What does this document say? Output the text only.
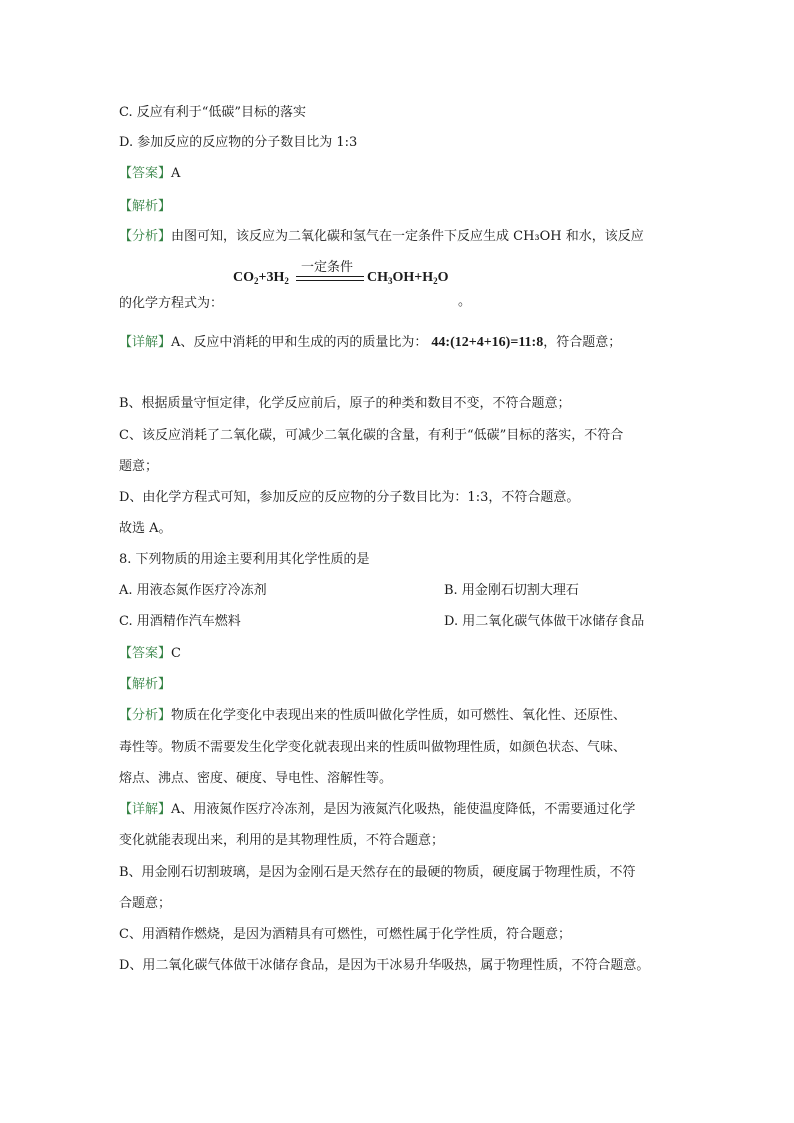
C. 反应有利于“低碳”目标的落实
D. 参加反应的反应物的分子数目比为 1:3
【答案】A
【解析】
【分析】由图可知，该反应为二氧化碳和氢气在一定条件下反应生成 CH₃OH 和水，该反应
一定条件
$CO_2+3H_2$	$CH_3OH+H_2O$
的化学方程式为：	。
【详解】A、反应中消耗的甲和生成的丙的质量比为： 44:(12+4+16)=11:8，符合题意；
B、根据质量守恒定律，化学反应前后，原子的种类和数目不变，不符合题意；
C、该反应消耗了二氧化碳，可减少二氧化碳的含量，有利于“低碳”目标的落实，不符合
题意；
D、由化学方程式可知，参加反应的反应物的分子数目比为：1:3，不符合题意。
故选 A。
8. 下列物质的用途主要利用其化学性质的是
A. 用液态氮作医疗冷冻剂	B. 用金刚石切割大理石
C. 用酒精作汽车燃料	D. 用二氧化碳气体做干冰储存食品
【答案】C
【解析】
【分析】物质在化学变化中表现出来的性质叫做化学性质，如可燃性、氧化性、还原性、
毒性等。物质不需要发生化学变化就表现出来的性质叫做物理性质，如颜色状态、气味、
熔点、沸点、密度、硬度、导电性、溶解性等。
【详解】A、用液氮作医疗冷冻剂，是因为液氮汽化吸热，能使温度降低，不需要通过化学
变化就能表现出来，利用的是其物理性质，不符合题意；
B、用金刚石切割玻璃，是因为金刚石是天然存在的最硬的物质，硬度属于物理性质，不符
合题意；
C、用酒精作燃烧，是因为酒精具有可燃性，可燃性属于化学性质，符合题意；
D、用二氧化碳气体做干冰储存食品，是因为干冰易升华吸热，属于物理性质，不符合题意。
